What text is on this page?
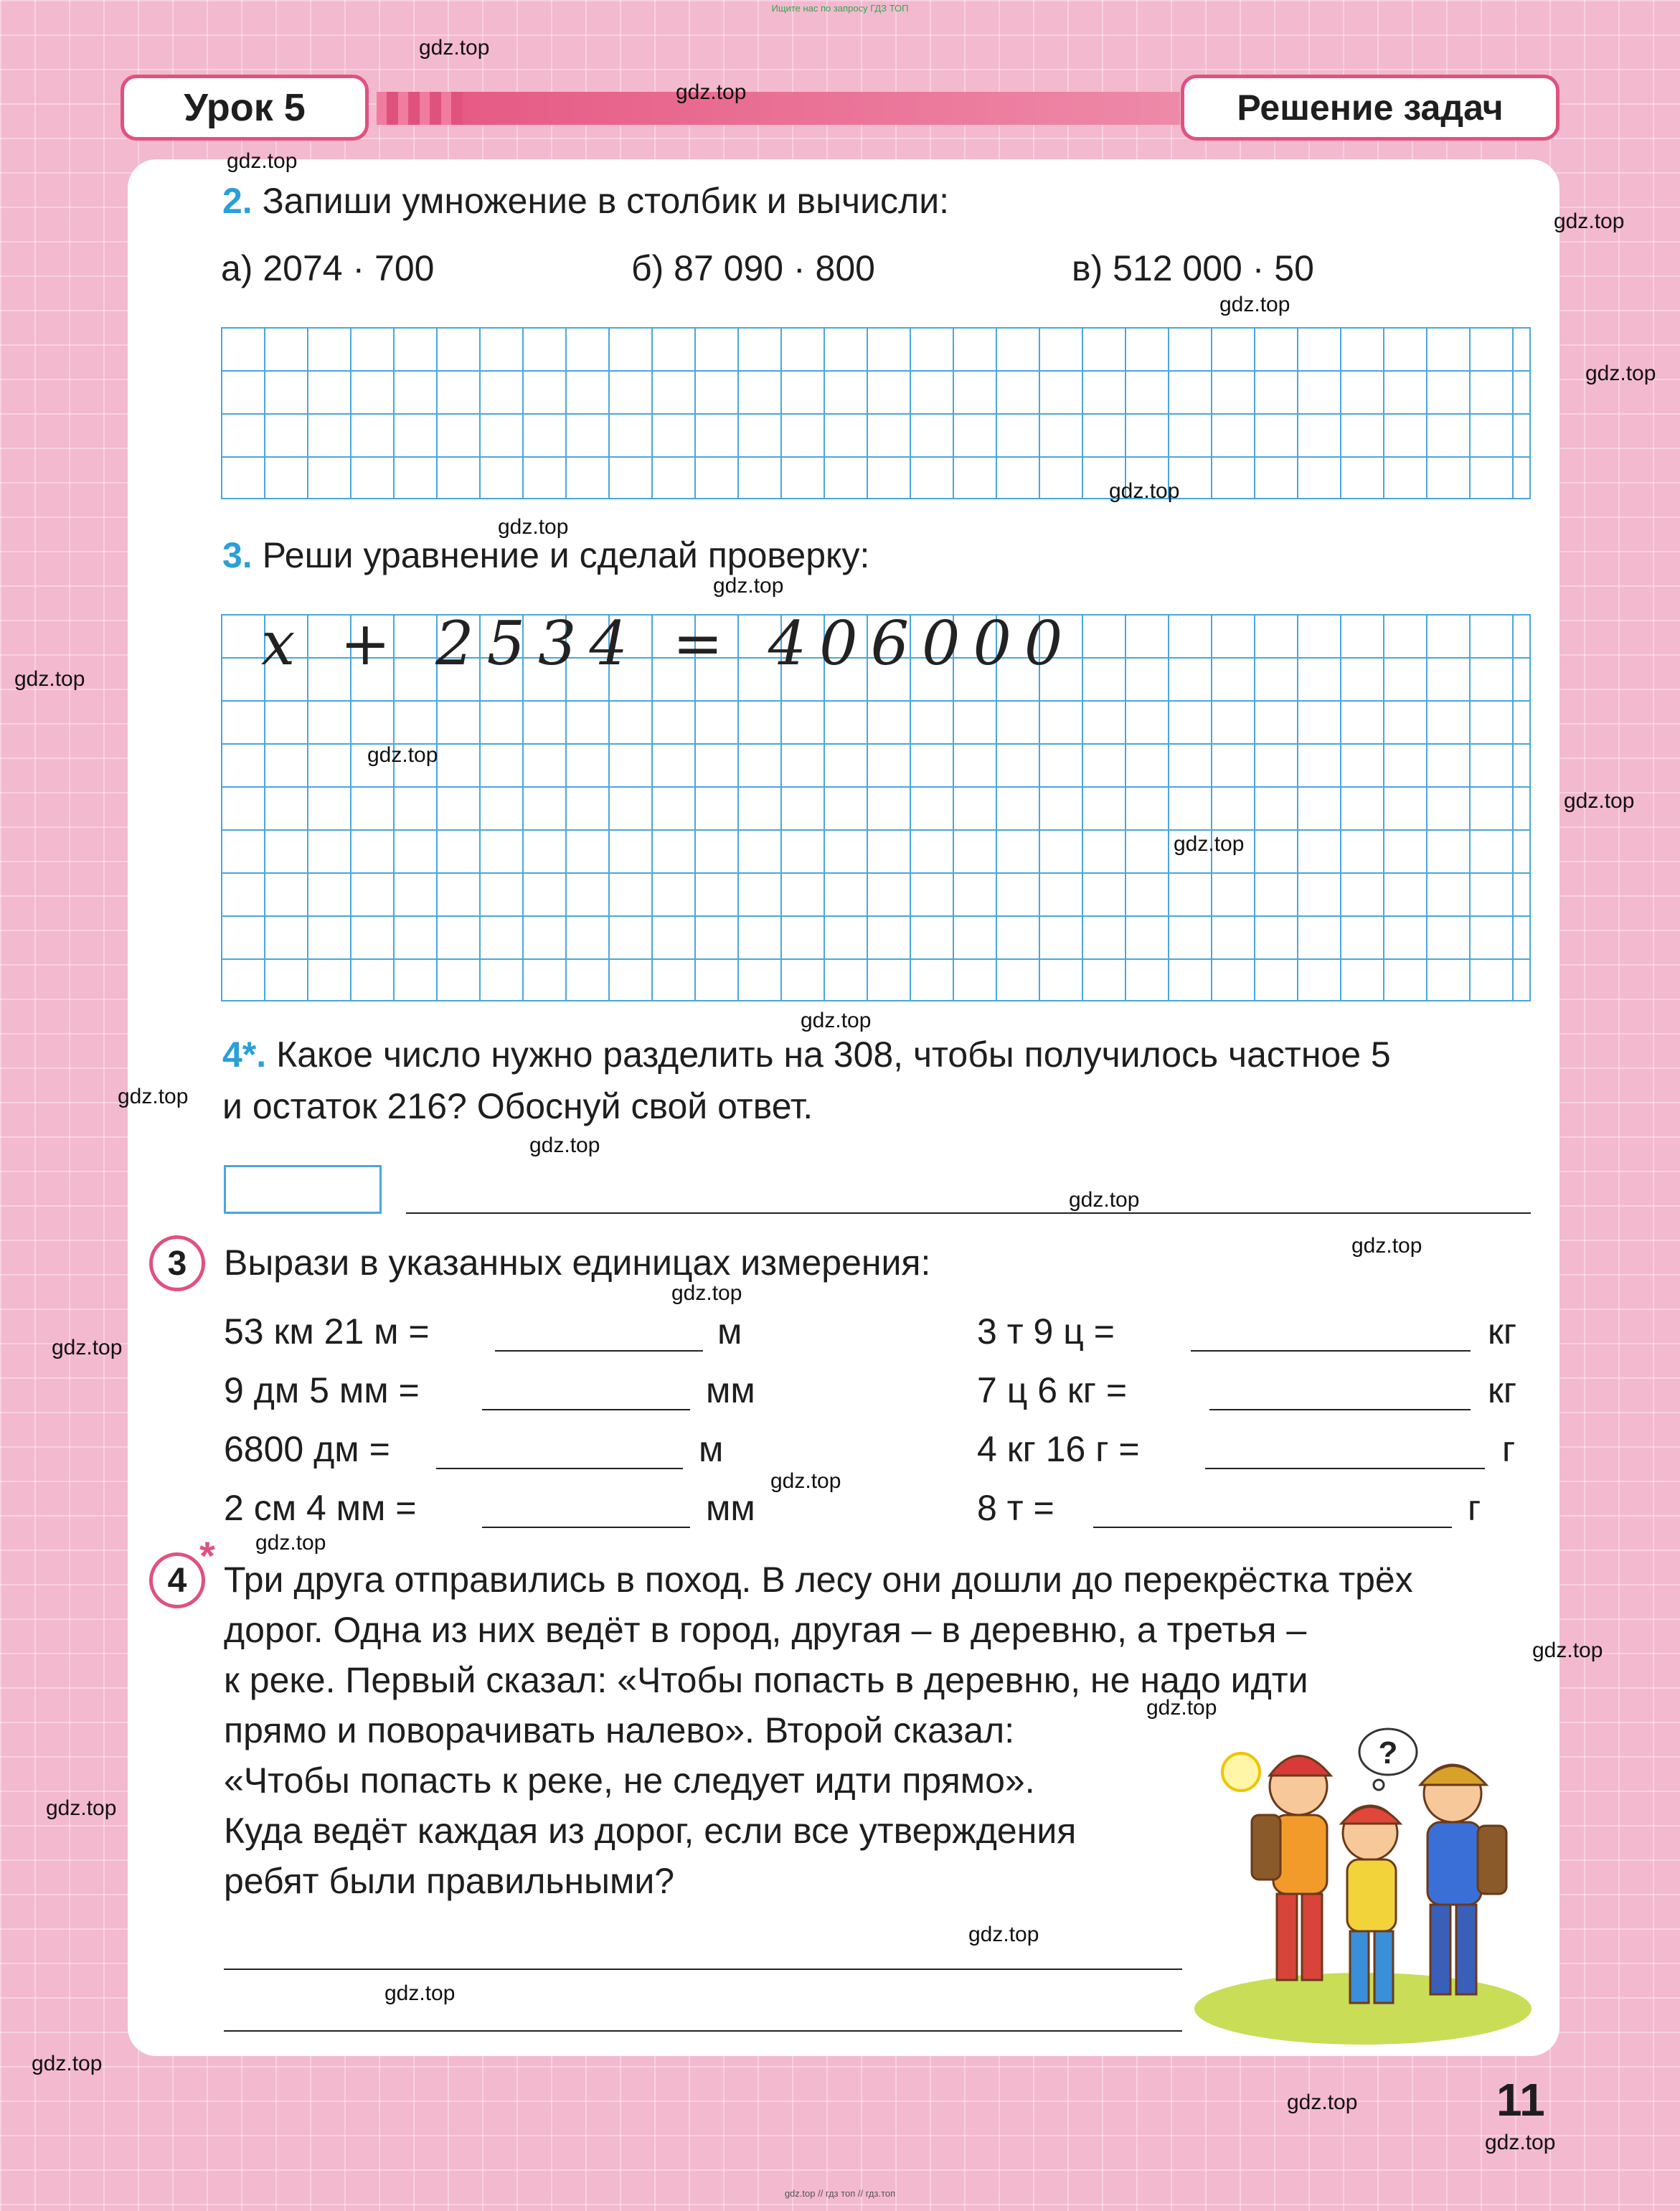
Ищите нас по запросу ГДЗ ТОП
Урок 5	Решение задач
2. Запиши умножение в столбик и вычисли:
а) 2074 · 700	б) 87 090 · 800	в) 512 000 · 50
3. Реши уравнение и сделай проверку:
x + 2534 = 406000
4*. Какое число нужно разделить на 308, чтобы получилось частное 5
и остаток 216? Обоснуй свой ответ.
3	Вырази в указанных единицах измерения:
53 км 21 м =	м
9 дм 5 мм =	мм
6800 дм =	м
2 см 4 мм =	мм
3 т 9 ц =	кг
7 ц 6 кг =	кг
4 кг 16 г =	г
8 т =	г
4
*
Три друга отправились в поход. В лесу они дошли до перекрёстка трёх
дорог. Одна из них ведёт в город, другая – в деревню, а третья –
к реке. Первый сказал: «Чтобы попасть в деревню, не надо идти
прямо и поворачивать налево». Второй сказал:
«Чтобы попасть к реке, не следует идти прямо».
Куда ведёт каждая из дорог, если все утверждения
ребят были правильными?
?
11
gdz.top
gdz.top
gdz.top
gdz.top
gdz.top
gdz.top
gdz.top
gdz.top
gdz.top
gdz.top
gdz.top
gdz.top
gdz.top
gdz.top
gdz.top
gdz.top
gdz.top
gdz.top
gdz.top
gdz.top
gdz.top
gdz.top
gdz.top
gdz.top
gdz.top
gdz.top
gdz.top
gdz.top
gdz.top
gdz.top
gdz.top // гдз топ // гдз.топ
